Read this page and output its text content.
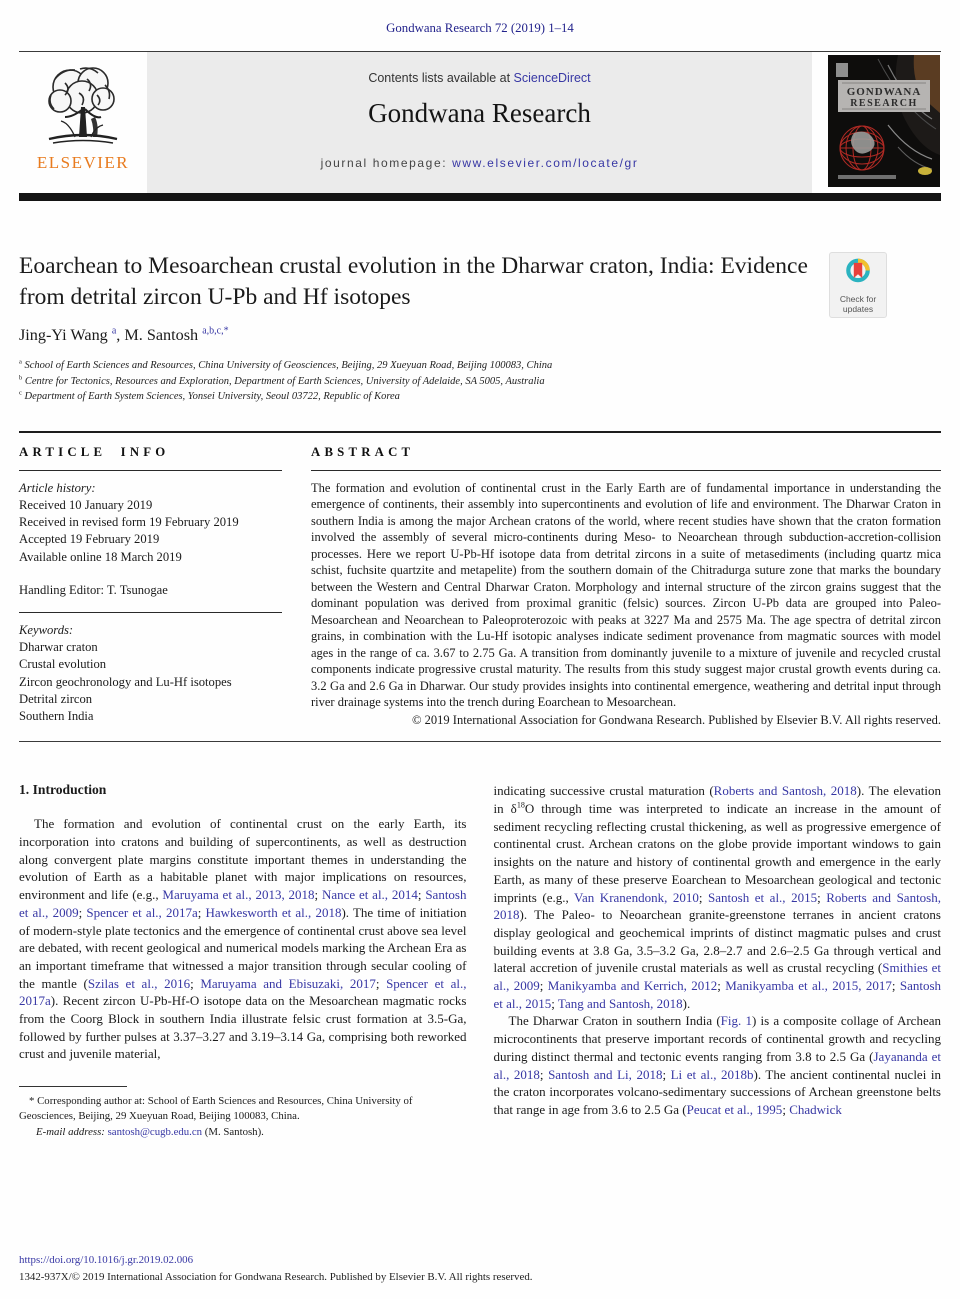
Gondwana Research 72 (2019) 1–14
ELSEVIER
Contents lists available at ScienceDirect
Gondwana Research
journal homepage: www.elsevier.com/locate/gr
GONDWANA
RESEARCH
Eoarchean to Mesoarchean crustal evolution in the Dharwar craton, India: Evidence from detrital zircon U-Pb and Hf isotopes	Check for
updates
Jing-Yi Wang $^a$, M. Santosh $^{a,b,c,*}$
$^a$ School of Earth Sciences and Resources, China University of Geosciences, Beijing, 29 Xueyuan Road, Beijing 100083, China
$^b$ Centre for Tectonics, Resources and Exploration, Department of Earth Sciences, University of Adelaide, SA 5005, Australia
$^c$ Department of Earth System Sciences, Yonsei University, Seoul 03722, Republic of Korea
ARTICLE INFO
Article history:
Received 10 January 2019
Received in revised form 19 February 2019
Accepted 19 February 2019
Available online 18 March 2019
Handling Editor: T. Tsunogae
Keywords:
Dharwar craton
Crustal evolution
Zircon geochronology and Lu-Hf isotopes
Detrital zircon
Southern India
ABSTRACT
The formation and evolution of continental crust in the Early Earth are of fundamental importance in understanding the emergence of continents, their assembly into supercontinents and evolution of life and environment. The Dharwar Craton in southern India is among the major Archean cratons of the world, where recent studies have shown that the craton formation involved the assembly of several micro-continents during Meso- to Neoarchean through subduction-accretion-collision processes. Here we report U-Pb-Hf isotope data from detrital zircons in a suite of metasediments (including quartz mica schist, fuchsite quartzite and metapelite) from the southern domain of the Chitradurga suture zone that marks the boundary between the Western and Central Dharwar Craton. Morphology and internal structure of the zircon grains suggest that the dominant population was derived from proximal granitic (felsic) sources. Zircon U-Pb data are grouped into Paleo-Mesoarchean and Neoarchean to Paleoproterozoic with peaks at 3227 Ma and 2575 Ma. The age spectra of detrital zircon grains, in combination with the Lu-Hf isotopic analyses indicate sediment provenance from magmatic sources with model ages in the range of ca. 3.67 to 2.75 Ga. A transition from dominantly juvenile to a mixture of juvenile and recycled crustal components indicate progressive crustal maturity. The results from this study suggest major crustal growth events during ca. 3.2 Ga and 2.6 Ga in Dharwar. Our study provides insights into continental emergence, weathering and detrital input through river drainage systems into the trench during Eoarchean to Mesoarchean.
© 2019 International Association for Gondwana Research. Published by Elsevier B.V. All rights reserved.
1. Introduction

The formation and evolution of continental crust on the early Earth, its incorporation into cratons and building of supercontinents, as well as destruction along convergent plate margins constitute important themes in understanding the evolution of Earth as a habitable planet with major implications on resources, environment and life (e.g., Maruyama et al., 2013, 2018; Nance et al., 2014; Santosh et al., 2009; Spencer et al., 2017a; Hawkesworth et al., 2018). The time of initiation of modern-style plate tectonics and the emergence of continental crust above sea level are debated, with recent geological and numerical models marking the Archean Era as an important timeframe that witnessed a major transition through secular cooling of the mantle (Szilas et al., 2016; Maruyama and Ebisuzaki, 2017; Spencer et al., 2017a). Recent zircon U-Pb-Hf-O isotope data on the Mesoarchean magmatic rocks from the Coorg Block in southern India illustrate felsic crust formation at 3.5-Ga, followed by further pulses at 3.37–3.27 and 3.19–3.14 Ga, comprising both reworked crust and juvenile material,

* Corresponding author at: School of Earth Sciences and Resources, China University of Geosciences, Beijing, 29 Xueyuan Road, Beijing 100083, China.
E-mail address: santosh@cugb.edu.cn (M. Santosh).

indicating successive crustal maturation (Roberts and Santosh, 2018). The elevation in $\delta^{18}O$ through time was interpreted to indicate an increase in the amount of sediment recycling reflecting crustal thickening, as well as progressive emergence of continental crust. Archean cratons on the globe provide important windows to gain insights on the nature and history of continental growth and emergence in the early Earth, as many of these preserve Eoarchean to Mesoarchean geological and tectonic imprints (e.g., Van Kranendonk, 2010; Santosh et al., 2015; Roberts and Santosh, 2018). The Paleo- to Neoarchean granite-greenstone terranes in ancient cratons display geological and geochemical imprints of distinct magmatic pulses and crust building events at 3.8 Ga, 3.5–3.2 Ga, 2.8–2.7 and 2.6–2.5 Ga through vertical and lateral accretion of juvenile crustal materials as well as crustal recycling (Smithies et al., 2009; Manikyamba and Kerrich, 2012; Manikyamba et al., 2015, 2017; Santosh et al., 2015; Tang and Santosh, 2018).

The Dharwar Craton in southern India (Fig. 1) is a composite collage of Archean microcontinents that preserve important records of continental growth and recycling during distinct thermal and tectonic events ranging from 3.8 to 2.5 Ga (Jayananda et al., 2018; Santosh and Li, 2018; Li et al., 2018b). The ancient continental nuclei in the craton incorporates volcano-sedimentary successions of Archean greenstone belts that range in age from 3.6 to 2.5 Ga (Peucat et al., 1995; Chadwick

https://doi.org/10.1016/j.gr.2019.02.006
1342-937X/© 2019 International Association for Gondwana Research. Published by Elsevier B.V. All rights reserved.
